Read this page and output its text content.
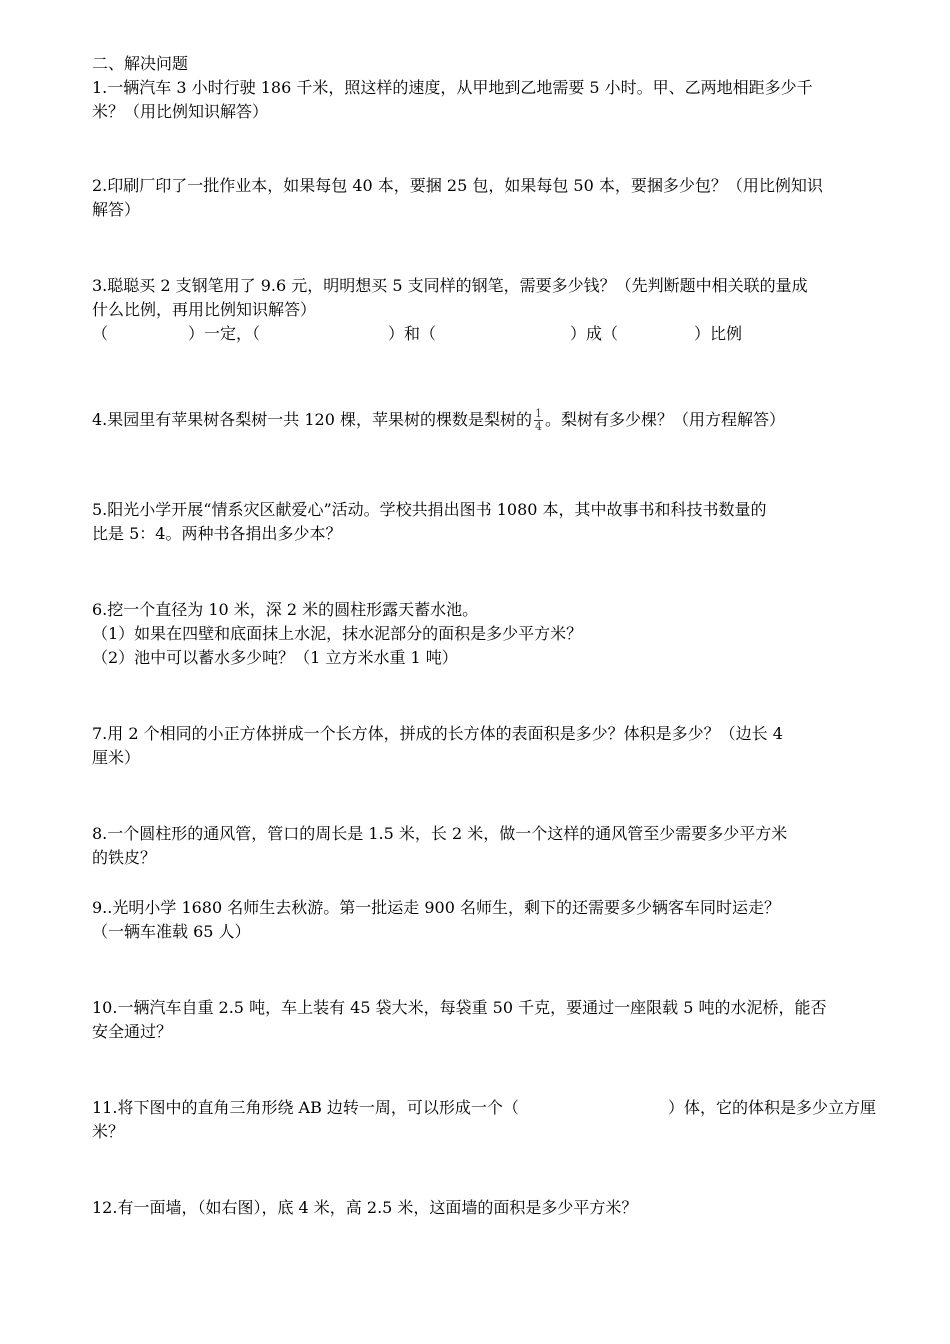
二、解决问题
1.一辆汽车 3 小时行驶 186 千米，照这样的速度，从甲地到乙地需要 5 小时。甲、乙两地相距多少千
米？（用比例知识解答）
2.印刷厂印了一批作业本，如果每包 40 本，要捆 25 包，如果每包 50 本，要捆多少包？（用比例知识
解答）
3.聪聪买 2 支钢笔用了 9.6 元，明明想买 5 支同样的钢笔，需要多少钱？（先判断题中相关联的量成
什么比例，再用比例知识解答）
（	）一定，（	）和（	）成（	）比例
4.果园里有苹果树各梨树一共 120 棵，苹果树的棵数是梨树的 $\frac{1}{4}$ 。梨树有多少棵？（用方程解答）
5.阳光小学开展“情系灾区献爱心”活动。学校共捐出图书 1080 本，其中故事书和科技书数量的
比是 5：4。两种书各捐出多少本？
6.挖一个直径为 10 米，深 2 米的圆柱形露天蓄水池。
（1）如果在四壁和底面抹上水泥，抹水泥部分的面积是多少平方米？
（2）池中可以蓄水多少吨？（1 立方米水重 1 吨）
7.用 2 个相同的小正方体拼成一个长方体，拼成的长方体的表面积是多少？体积是多少？（边长 4
厘米）
8.一个圆柱形的通风管，管口的周长是 1.5 米，长 2 米，做一个这样的通风管至少需要多少平方米
的铁皮？
9..光明小学 1680 名师生去秋游。第一批运走 900 名师生，剩下的还需要多少辆客车同时运走？
（一辆车准载 65 人）
10.一辆汽车自重 2.5 吨，车上装有 45 袋大米，每袋重 50 千克，要通过一座限载 5 吨的水泥桥，能否
安全通过？
11.将下图中的直角三角形绕 AB 边转一周，可以形成一个（	）体，它的体积是多少立方厘
米？
12.有一面墙，（如右图），底 4 米，高 2.5 米，这面墙的面积是多少平方米？
